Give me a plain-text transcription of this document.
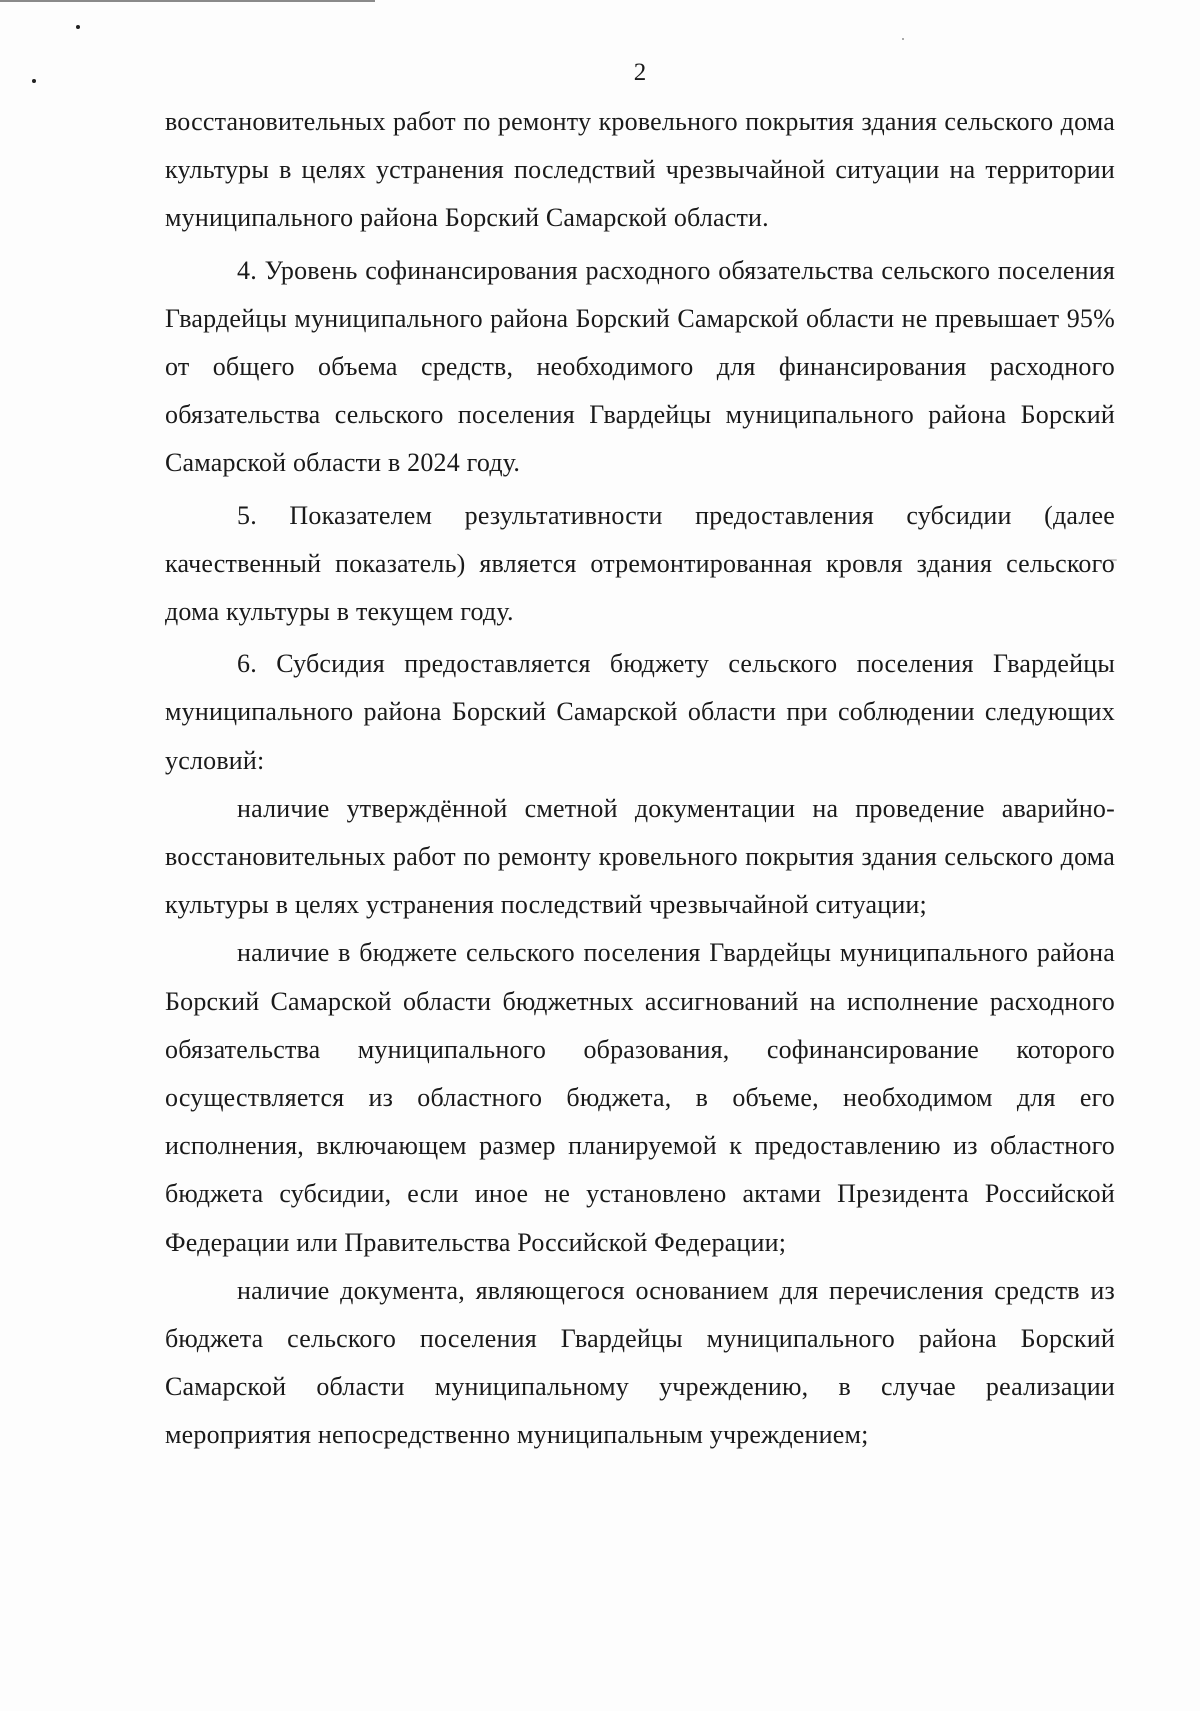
2

восстановительных работ по ремонту кровельного покрытия здания сельского дома культуры в целях устранения последствий чрезвычайной ситуации на территории муниципального района Борский Самарской области.

4. Уровень софинансирования расходного обязательства сельского поселения Гвардейцы муниципального района Борский Самарской области не превышает 95% от общего объема средств, необходимого для финансирования расходного обязательства сельского поселения Гвардейцы муниципального района Борский Самарской области в 2024 году.

5. Показателем результативности предоставления субсидии (далее качественный показатель) является отремонтированная кровля здания сельского дома культуры в текущем году.

6. Субсидия предоставляется бюджету сельского поселения Гвардейцы муниципального района Борский Самарской области при соблюдении следующих условий:

наличие утверждённой сметной документации на проведение аварийно-восстановительных работ по ремонту кровельного покрытия здания сельского дома культуры в целях устранения последствий чрезвычайной ситуации;

наличие в бюджете сельского поселения Гвардейцы муниципального района Борский Самарской области бюджетных ассигнований на исполнение расходного обязательства муниципального образования, софинансирование которого осуществляется из областного бюджета, в объеме, необходимом для его исполнения, включающем размер планируемой к предоставлению из областного бюджета субсидии, если иное не установлено актами Президента Российской Федерации или Правительства Российской Федерации;

наличие документа, являющегося основанием для перечисления средств из бюджета сельского поселения Гвардейцы муниципального района Борский Самарской области муниципальному учреждению, в случае реализации мероприятия непосредственно муниципальным учреждением;
